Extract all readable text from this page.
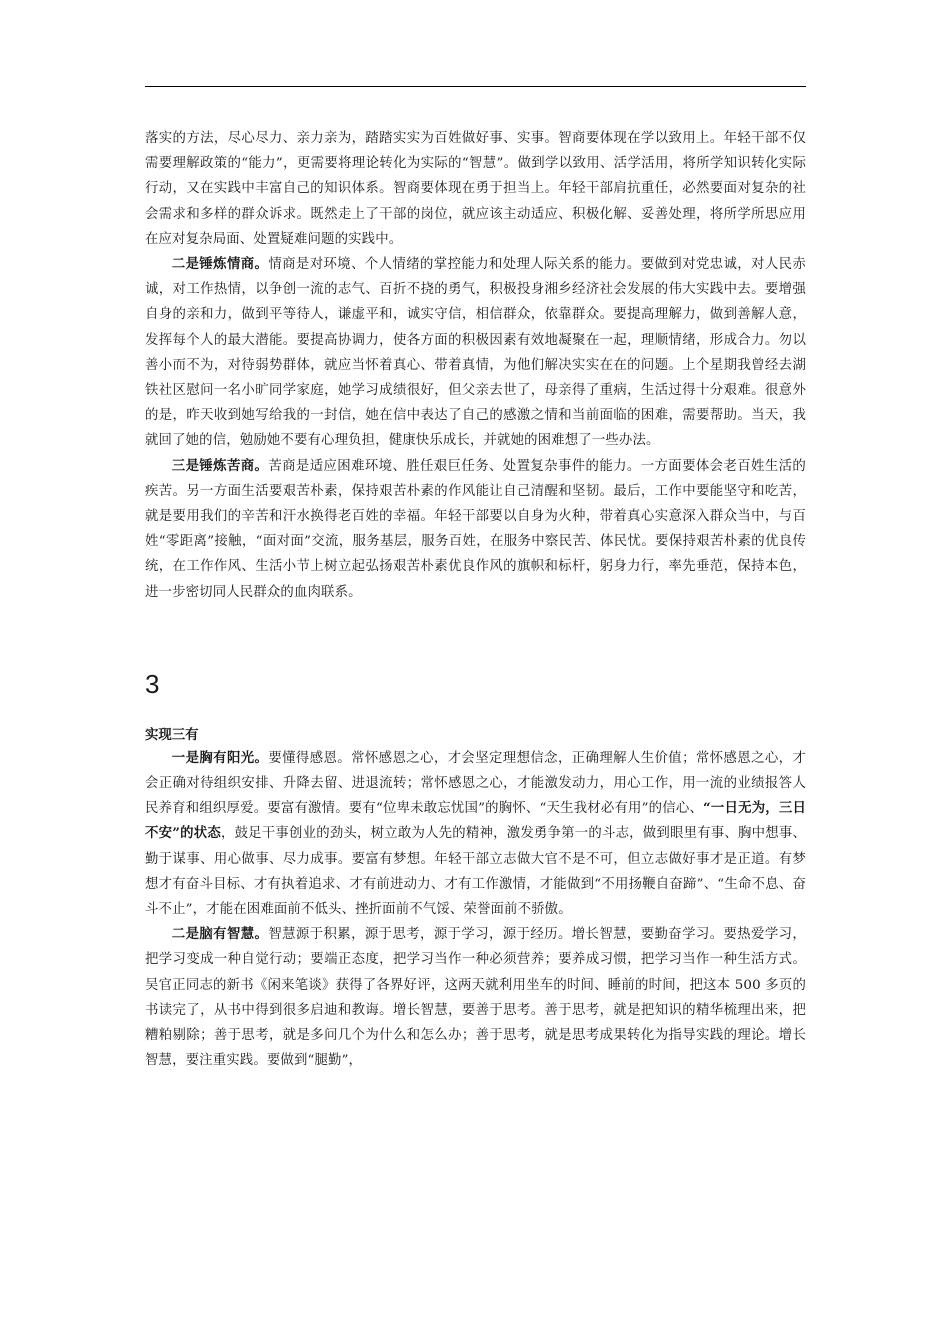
落实的方法，尽心尽力、亲力亲为，踏踏实实为百姓做好事、实事。智商要体现在学以致用上。年轻干部不仅需要理解政策的“能力”，更需要将理论转化为实际的“智慧”。做到学以致用、活学活用，将所学知识转化实际行动，又在实践中丰富自己的知识体系。智商要体现在勇于担当上。年轻干部肩抗重任，必然要面对复杂的社会需求和多样的群众诉求。既然走上了干部的岗位，就应该主动适应、积极化解、妥善处理，将所学所思应用在应对复杂局面、处置疑难问题的实践中。

二是锤炼情商。情商是对环境、个人情绪的掌控能力和处理人际关系的能力。要做到对党忠诚，对人民赤诚，对工作热情，以争创一流的志气、百折不挠的勇气，积极投身湘乡经济社会发展的伟大实践中去。要增强自身的亲和力，做到平等待人，谦虚平和，诚实守信，相信群众，依靠群众。要提高理解力，做到善解人意，发挥每个人的最大潜能。要提高协调力，使各方面的积极因素有效地凝聚在一起，理顺情绪，形成合力。勿以善小而不为，对待弱势群体，就应当怀着真心、带着真情，为他们解决实实在在的问题。上个星期我曾经去湖铁社区慰问一名小旷同学家庭，她学习成绩很好，但父亲去世了，母亲得了重病，生活过得十分艰难。很意外的是，昨天收到她写给我的一封信，她在信中表达了自己的感激之情和当前面临的困难，需要帮助。当天，我就回了她的信，勉励她不要有心理负担，健康快乐成长，并就她的困难想了一些办法。

三是锤炼苦商。苦商是适应困难环境、胜任艰巨任务、处置复杂事件的能力。一方面要体会老百姓生活的疾苦。另一方面生活要艰苦朴素，保持艰苦朴素的作风能让自己清醒和坚韧。最后，工作中要能坚守和吃苦，就是要用我们的辛苦和汗水换得老百姓的幸福。年轻干部要以自身为火种，带着真心实意深入群众当中，与百姓“零距离”接触，“面对面”交流，服务基层，服务百姓，在服务中察民苦、体民忧。要保持艰苦朴素的优良传统，在工作作风、生活小节上树立起弘扬艰苦朴素优良作风的旗帜和标杆，躬身力行，率先垂范，保持本色，进一步密切同人民群众的血肉联系。

3
实现三有

一是胸有阳光。要懂得感恩。常怀感恩之心，才会坚定理想信念，正确理解人生价值；常怀感恩之心，才会正确对待组织安排、升降去留、进退流转；常怀感恩之心，才能激发动力，用心工作，用一流的业绩报答人民养育和组织厚爱。要富有激情。要有“位卑未敢忘忧国”的胸怀、“天生我材必有用”的信心、“一日无为，三日不安”的状态，鼓足干事创业的劲头，树立敢为人先的精神，激发勇争第一的斗志，做到眼里有事、胸中想事、勤于谋事、用心做事、尽力成事。要富有梦想。年轻干部立志做大官不是不可，但立志做好事才是正道。有梦想才有奋斗目标、才有执着追求、才有前进动力、才有工作激情，才能做到“不用扬鞭自奋蹄”、“生命不息、奋斗不止”，才能在困难面前不低头、挫折面前不气馁、荣誉面前不骄傲。

二是脑有智慧。智慧源于积累，源于思考，源于学习，源于经历。增长智慧，要勤奋学习。要热爱学习，把学习变成一种自觉行动；要端正态度，把学习当作一种必须营养；要养成习惯，把学习当作一种生活方式。吴官正同志的新书《闲来笔谈》获得了各界好评，这两天就利用坐车的时间、睡前的时间，把这本 500 多页的书读完了，从书中得到很多启迪和教诲。增长智慧，要善于思考。善于思考，就是把知识的精华梳理出来，把糟粕剔除；善于思考，就是多问几个为什么和怎么办；善于思考，就是思考成果转化为指导实践的理论。增长智慧，要注重实践。要做到“腿勤”，
